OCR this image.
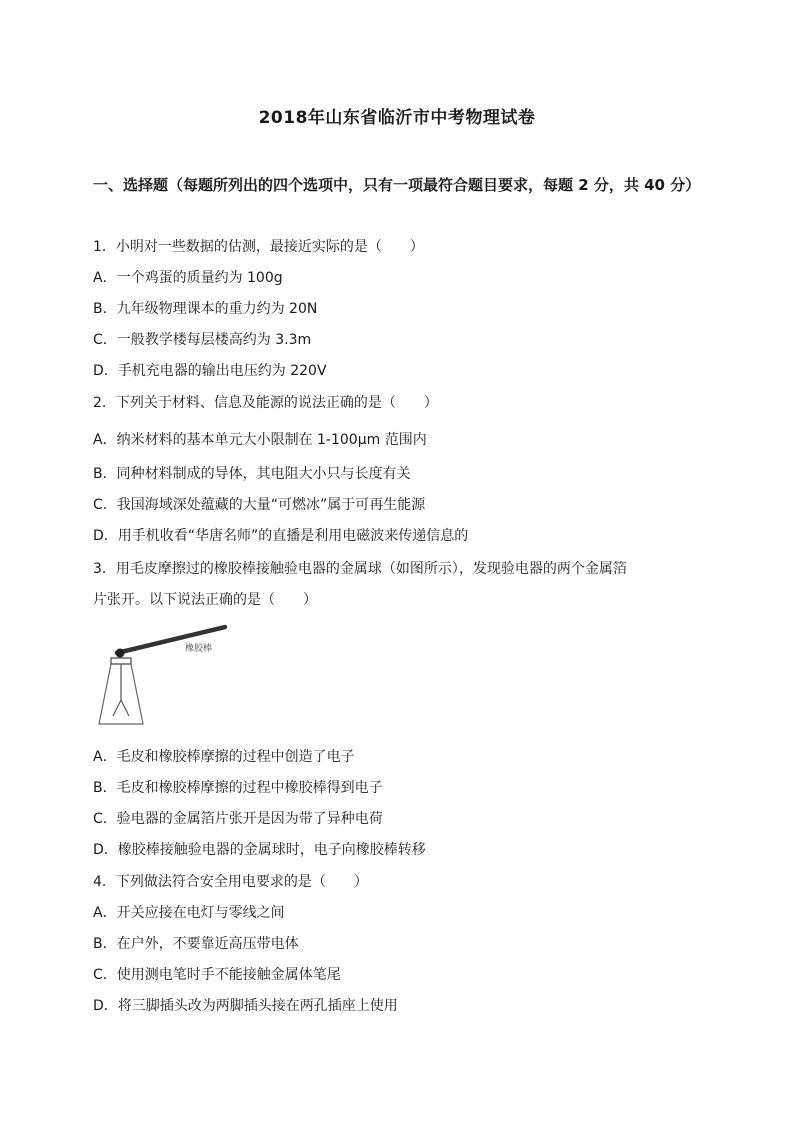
2018年山东省临沂市中考物理试卷
一、选择题（每题所列出的四个选项中，只有一项最符合题目要求，每题 2 分，共 40 分）
1．小明对一些数据的估测，最接近实际的是（　　）
A．一个鸡蛋的质量约为 100g
B．九年级物理课本的重力约为 20N
C．一般教学楼每层楼高约为 3.3m
D．手机充电器的输出电压约为 220V
2．下列关于材料、信息及能源的说法正确的是（　　）
A．纳米材料的基本单元大小限制在 1-100μm 范围内
B．同种材料制成的导体，其电阻大小只与长度有关
C．我国海域深处蕴藏的大量“可燃冰”属于可再生能源
D．用手机收看“华唐名师”的直播是利用电磁波来传递信息的
3．用毛皮摩擦过的橡胶棒接触验电器的金属球（如图所示），发现验电器的两个金属箔
片张开。以下说法正确的是（　　）
橡胶棒
A．毛皮和橡胶棒摩擦的过程中创造了电子
B．毛皮和橡胶棒摩擦的过程中橡胶棒得到电子
C．验电器的金属箔片张开是因为带了异种电荷
D．橡胶棒接触验电器的金属球时，电子向橡胶棒转移
4．下列做法符合安全用电要求的是（　　）
A．开关应接在电灯与零线之间
B．在户外，不要靠近高压带电体
C．使用测电笔时手不能接触金属体笔尾
D．将三脚插头改为两脚插头接在两孔插座上使用
